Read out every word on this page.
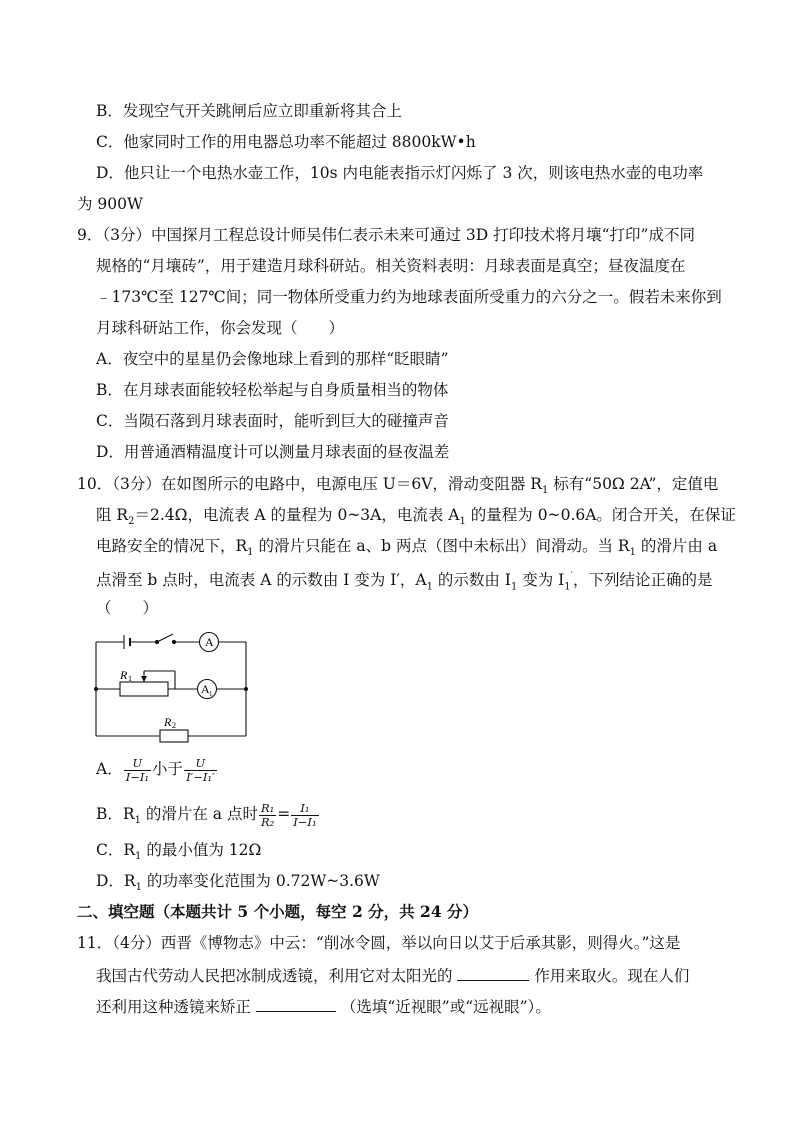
B．发现空气开关跳闸后应立即重新将其合上
C．他家同时工作的用电器总功率不能超过 8800kW•h
D．他只让一个电热水壶工作，10s 内电能表指示灯闪烁了 3 次，则该电热水壶的电功率
为 900W
9．（3分）中国探月工程总设计师吴伟仁表示未来可通过 3D 打印技术将月壤“打印”成不同
规格的“月壤砖”，用于建造月球科研站。相关资料表明：月球表面是真空；昼夜温度在
﹣173℃至 127℃间；同一物体所受重力约为地球表面所受重力的六分之一。假若未来你到
月球科研站工作，你会发现（　　）
A．夜空中的星星仍会像地球上看到的那样“眨眼睛”
B．在月球表面能较轻松举起与自身质量相当的物体
C．当陨石落到月球表面时，能听到巨大的碰撞声音
D．用普通酒精温度计可以测量月球表面的昼夜温差
10．（3分）在如图所示的电路中，电源电压 U＝6V，滑动变阻器 $R_1$ 标有“50Ω 2A”，定值电
阻 $R_2=2.4\Omega$，电流表 A 的量程为 0~3A，电流表 $A_1$ 的量程为 0~0.6A。闭合开关，在保证
电路安全的情况下，$R_1$ 的滑片只能在 a、b 两点（图中未标出）间滑动。当 $R_1$ 的滑片由 a
点滑至 b 点时，电流表 A 的示数由 I 变为 I′，$A_1$ 的示数由 $I_1$ 变为 $I_1'$，下列结论正确的是
（　　）
A
A 1
R 1
R 2
A． $\frac{U}{\text{I−I₁}}$ 小于 $\frac{U}{\text{I′−I₁′}}$
B．$R_1$ 的滑片在 a 点时 $\frac{\text{R₁}}{\text{R₂}} = \frac{\text{I₁}}{\text{I−I₁}}$
C．$R_1$ 的最小值为 12Ω
D．$R_1$ 的功率变化范围为 0.72W~3.6W
二、填空题（本题共计 5 个小题，每空 2 分，共 24 分）
11．（4分）西晋《博物志》中云：“削冰令圆，举以向日以艾于后承其影，则得火。”这是
我国古代劳动人民把冰制成透镜，利用它对太阳光的	作用来取火。现在人们
还利用这种透镜来矫正	（选填“近视眼”或“远视眼”）。
